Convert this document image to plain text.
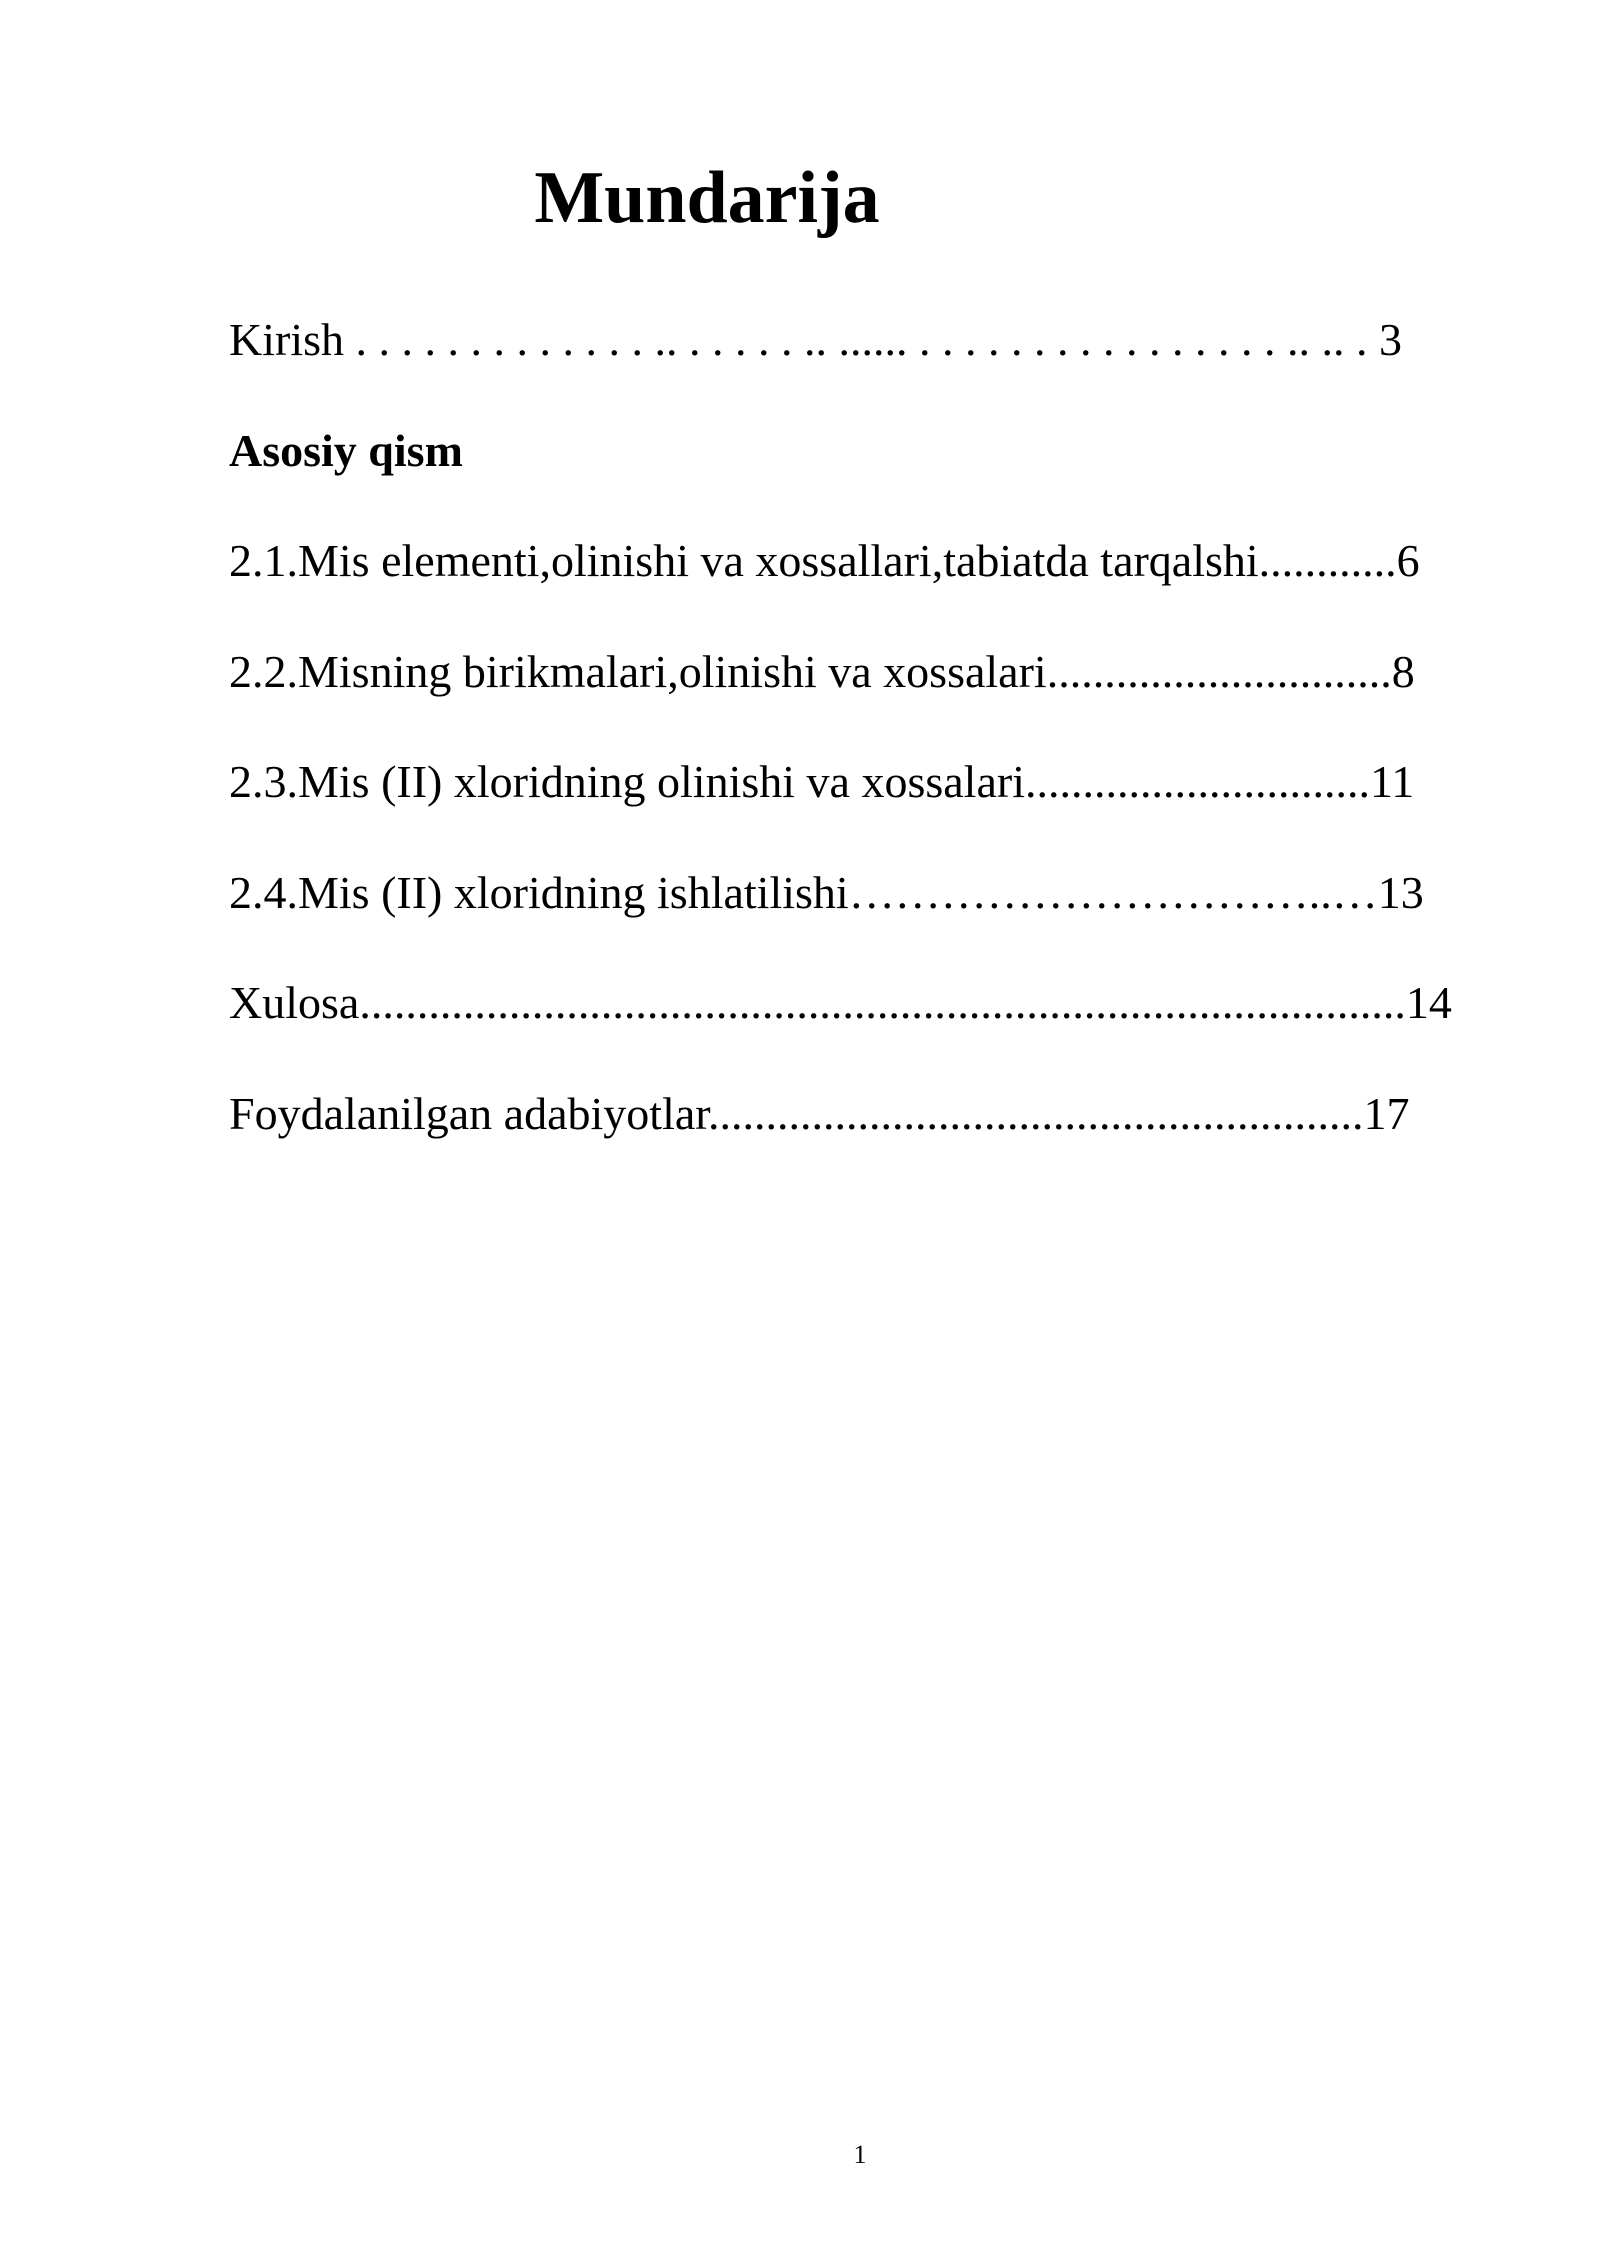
Mundarija
Kirish . . . . . . . . . . . . . .. . . . . . .. ...... . . . . . . . . . . . . . . . . .. .. . 3
Asosiy qism
2.1.Mis elementi,olinishi va xossallari,tabiatda tarqalshi............6
2.2.Misning birikmalari,olinishi va xossalari..............................8
2.3.Mis (II) xloridning olinishi va xossalari..............................11
2.4.Mis (II) xloridning ishlatilishi…………………………..…13
Xulosa...........................................................................................14
Foydalanilgan adabiyotlar.........................................................17
1
